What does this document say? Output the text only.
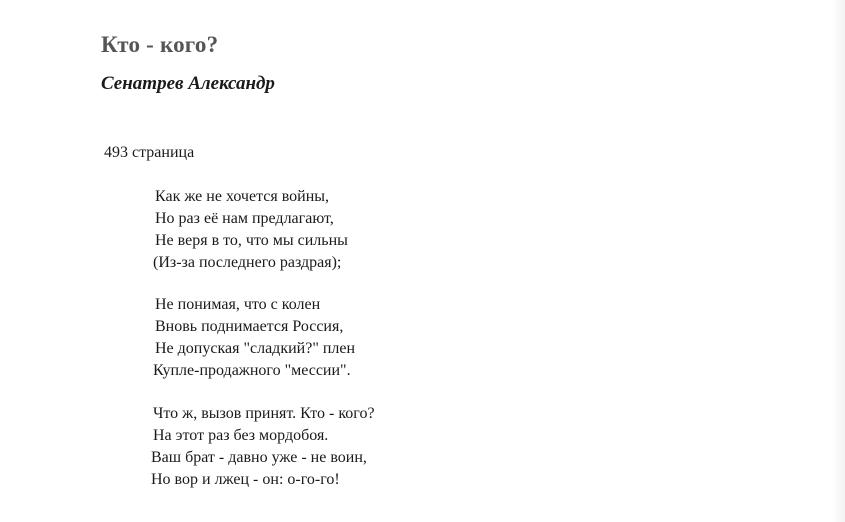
Кто - кого?
Сенатрев Александр
493 страница
Как же не хочется войны,
Но раз её нам предлагают,
Не веря в то, что мы сильны
(Из-за последнего раздрая);
Не понимая, что с колен
Вновь поднимается Россия,
Не допуская "сладкий?" плен
Купле-продажного "мессии".
Что ж, вызов принят. Кто - кого?
На этот раз без мордобоя.
Ваш брат - давно уже - не воин,
Но вор и лжец - он: о-го-го!
